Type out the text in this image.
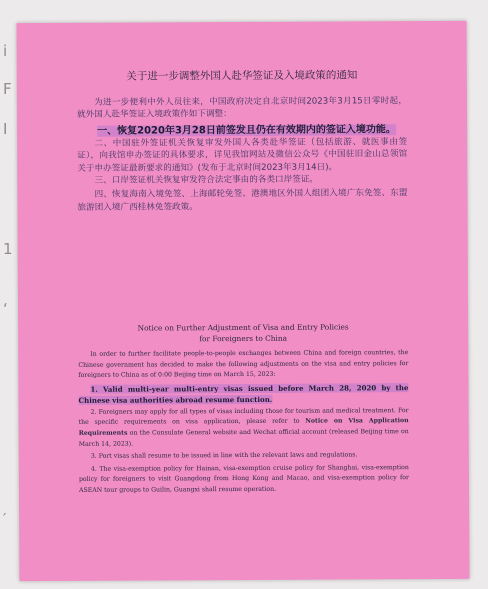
i
F
Ⅰ
1
‘
′
关于进一步调整外国人赴华签证及入境政策的通知

为进一步便利中外人员往来，中国政府决定自北京时间2023年3月15日零时起，就外国人赴华签证入境政策作如下调整：

一、恢复2020年3月28日前签发且仍在有效期内的签证入境功能。

二、中国驻外签证机关恢复审发外国人各类赴华签证（包括旅游、就医事由签证），向我馆申办签证的具体要求，详见我馆网站及微信公众号《中国驻旧金山总领馆关于申办签证最新要求的通知》(发布于北京时间2023年3月14日)。

三、口岸签证机关恢复审发符合法定事由的各类口岸签证。

四、恢复海南入境免签、上海邮轮免签、港澳地区外国人组团入境广东免签、东盟旅游团入境广西桂林免签政策。

Notice on Further Adjustment of Visa and Entry Policies
for Foreigners to China

In order to further facilitate people-to-people exchanges between China and foreign countries, the Chinese government has decided to make the following adjustments on the visa and entry policies for foreigners to China as of 0:00 Beijing time on March 15, 2023:

1. Valid multi-year multi-entry visas issued before March 28, 2020 by the Chinese visa authorities abroad resume function.

2. Foreigners may apply for all types of visas including those for tourism and medical treatment. For the specific requirements on visa application, please refer to Notice on Visa Application Requirements on the Consulate General website and Wechat official account (released Beijing time on March 14, 2023).

3. Port visas shall resume to be issued in line with the relevant laws and regulations.

4. The visa-exemption policy for Hainan, visa-exemption cruise policy for Shanghai, visa-exemption policy for foreigners to visit Guangdong from Hong Kong and Macao, and visa-exemption policy for ASEAN tour groups to Guilin, Guangxi shall resume operation.
